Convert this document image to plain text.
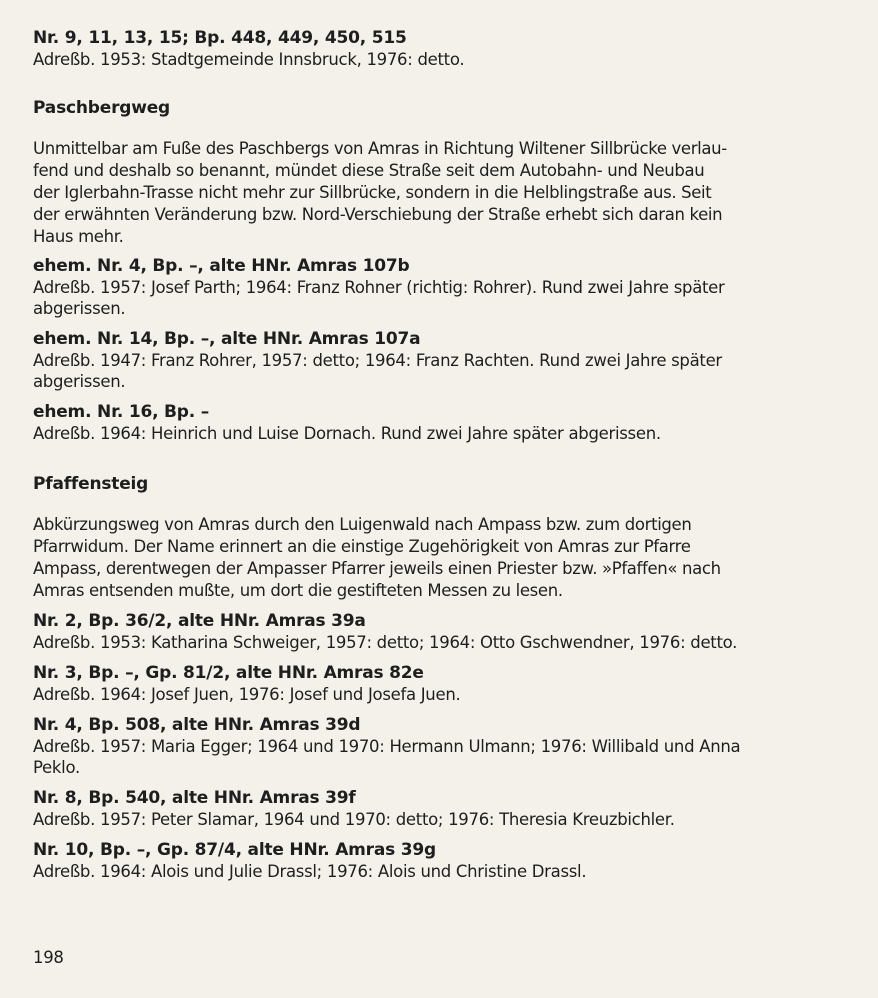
Nr. 9, 11, 13, 15; Bp. 448, 449, 450, 515
Adreßb. 1953: Stadtgemeinde Innsbruck, 1976: detto.
Paschbergweg
Unmittelbar am Fuße des Paschbergs von Amras in Richtung Wiltener Sillbrücke verlau-
fend und deshalb so benannt, mündet diese Straße seit dem Autobahn- und Neubau
der Iglerbahn-Trasse nicht mehr zur Sillbrücke, sondern in die Helblingstraße aus. Seit
der erwähnten Veränderung bzw. Nord-Verschiebung der Straße erhebt sich daran kein
Haus mehr.
ehem. Nr. 4, Bp. –, alte HNr. Amras 107b
Adreßb. 1957: Josef Parth; 1964: Franz Rohner (richtig: Rohrer). Rund zwei Jahre später
abgerissen.
ehem. Nr. 14, Bp. –, alte HNr. Amras 107a
Adreßb. 1947: Franz Rohrer, 1957: detto; 1964: Franz Rachten. Rund zwei Jahre später
abgerissen.
ehem. Nr. 16, Bp. –
Adreßb. 1964: Heinrich und Luise Dornach. Rund zwei Jahre später abgerissen.
Pfaffensteig
Abkürzungsweg von Amras durch den Luigenwald nach Ampass bzw. zum dortigen
Pfarrwidum. Der Name erinnert an die einstige Zugehörigkeit von Amras zur Pfarre
Ampass, derentwegen der Ampasser Pfarrer jeweils einen Priester bzw. »Pfaffen« nach
Amras entsenden mußte, um dort die gestifteten Messen zu lesen.
Nr. 2, Bp. 36/2, alte HNr. Amras 39a
Adreßb. 1953: Katharina Schweiger, 1957: detto; 1964: Otto Gschwendner, 1976: detto.
Nr. 3, Bp. –, Gp. 81/2, alte HNr. Amras 82e
Adreßb. 1964: Josef Juen, 1976: Josef und Josefa Juen.
Nr. 4, Bp. 508, alte HNr. Amras 39d
Adreßb. 1957: Maria Egger; 1964 und 1970: Hermann Ulmann; 1976: Willibald und Anna
Peklo.
Nr. 8, Bp. 540, alte HNr. Amras 39f
Adreßb. 1957: Peter Slamar, 1964 und 1970: detto; 1976: Theresia Kreuzbichler.
Nr. 10, Bp. –, Gp. 87/4, alte HNr. Amras 39g
Adreßb. 1964: Alois und Julie Drassl; 1976: Alois und Christine Drassl.
198
